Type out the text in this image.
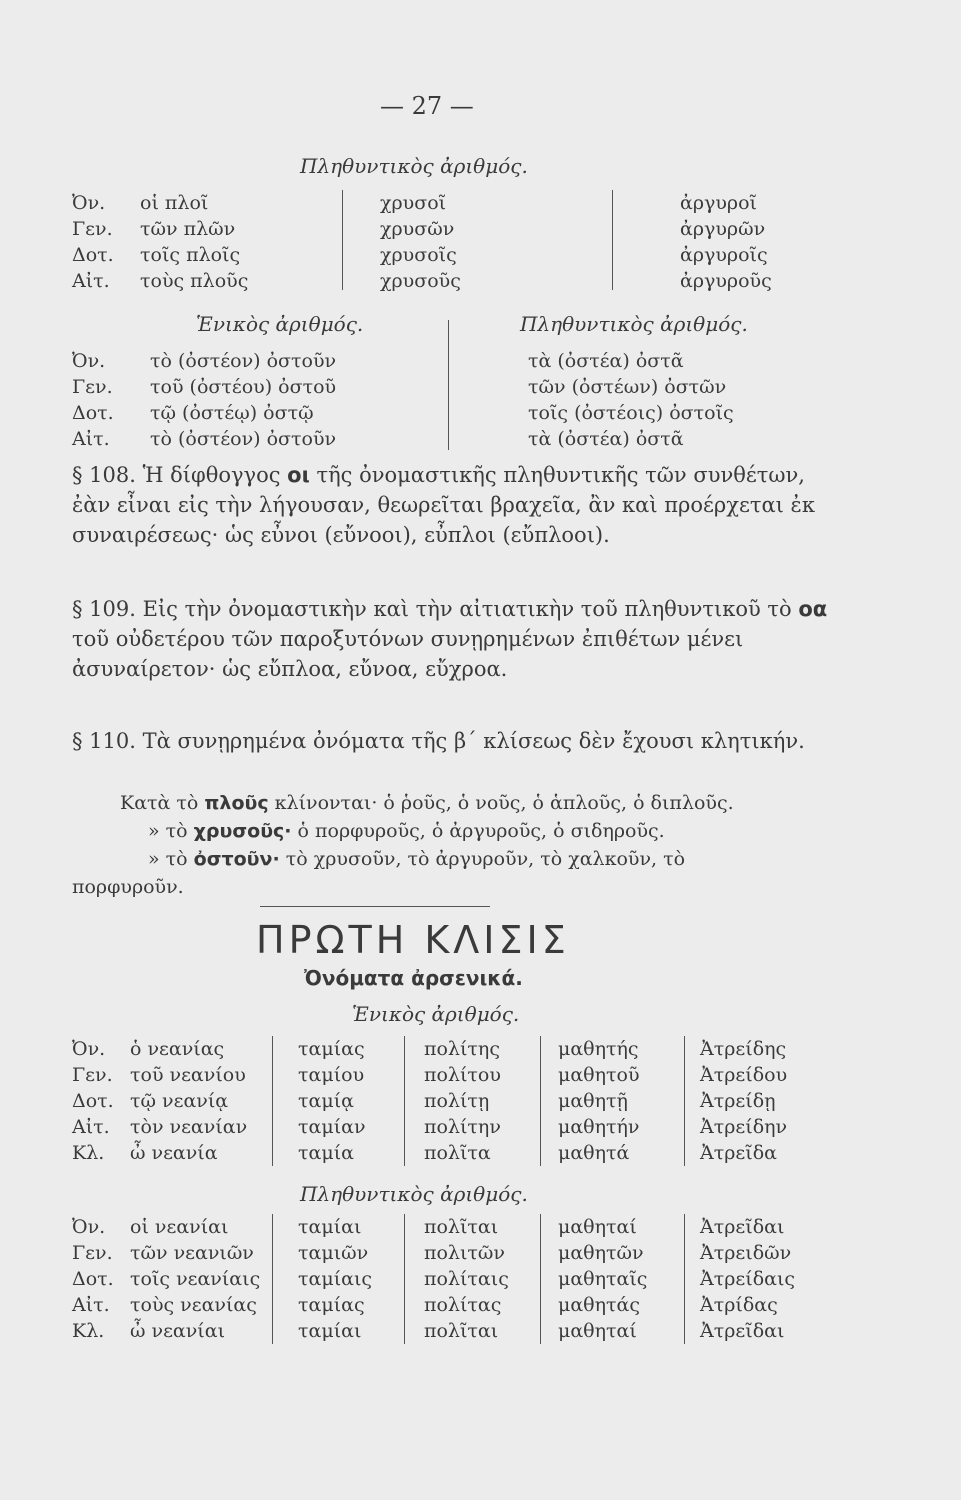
— 27 —
Πληθυντικὸς ἀριθμός.
Ὀν.
Γεν.
Δοτ.
Αἰτ.
οἱ πλοῖ
τῶν πλῶν
τοῖς πλοῖς
τοὺς πλοῦς
χρυσοῖ
χρυσῶν
χρυσοῖς
χρυσοῦς
ἀργυροῖ
ἀργυρῶν
ἀργυροῖς
ἀργυροῦς
Ἑνικὸς ἀριθμός.	Πληθυντικὸς ἀριθμός.
Ὀν.
Γεν.
Δοτ.
Αἰτ.
τὸ (ὀστέον) ὀστοῦν
τοῦ (ὀστέου) ὀστοῦ
τῷ (ὀστέῳ) ὀστῷ
τὸ (ὀστέον) ὀστοῦν
τὰ (ὀστέα) ὀστᾶ
τῶν (ὀστέων) ὀστῶν
τοῖς (ὀστέοις) ὀστοῖς
τὰ (ὀστέα) ὀστᾶ
§ 108. Ἡ δίφθογγος οι τῆς ὀνομαστικῆς πληθυντικῆς τῶν συνθέτων, ἐὰν εἶναι εἰς τὴν λήγουσαν, θεωρεῖται βραχεῖα, ἂν καὶ προέρχεται ἐκ συναιρέσεως· ὡς εὖνοι (εὔνοοι), εὖπλοι (εὔπλοοι).
§ 109. Εἰς τὴν ὀνομαστικὴν καὶ τὴν αἰτιατικὴν τοῦ πληθυντικοῦ τὸ οα τοῦ οὐδετέρου τῶν παροξυτόνων συνῃρημένων ἐπιθέτων μένει ἀσυναίρετον· ὡς εὔπλοα, εὔνοα, εὔχροα.
§ 110. Τὰ συνῃρημένα ὀνόματα τῆς β΄ κλίσεως δὲν ἔχουσι κλητικήν.
Κατὰ τὸ πλοῦς κλίνονται· ὁ ῥοῦς, ὁ νοῦς, ὁ ἁπλοῦς, ὁ διπλοῦς.
» τὸ χρυσοῦς· ὁ πορφυροῦς, ὁ ἀργυροῦς, ὁ σιδηροῦς.
» τὸ ὀστοῦν· τὸ χρυσοῦν, τὸ ἀργυροῦν, τὸ χαλκοῦν, τὸ
πορφυροῦν.
ΠΡΩΤΗ ΚΛΙΣΙΣ
Ὀνόματα ἀρσενικά.
Ἑνικὸς ἀριθμός.
Ὀν.
Γεν.
Δοτ.
Αἰτ.
Κλ.
ὁ νεανίας
τοῦ νεανίου
τῷ νεανίᾳ
τὸν νεανίαν
ὦ νεανία
ταμίας
ταμίου
ταμίᾳ
ταμίαν
ταμία
πολίτης
πολίτου
πολίτῃ
πολίτην
πολῖτα
μαθητής
μαθητοῦ
μαθητῇ
μαθητήν
μαθητά
Ἀτρείδης
Ἀτρείδου
Ἀτρείδῃ
Ἀτρείδην
Ἀτρεῖδα
Πληθυντικὸς ἀριθμός.
Ὀν.
Γεν.
Δοτ.
Αἰτ.
Κλ.
οἱ νεανίαι
τῶν νεανιῶν
τοῖς νεανίαις
τοὺς νεανίας
ὦ νεανίαι
ταμίαι
ταμιῶν
ταμίαις
ταμίας
ταμίαι
πολῖται
πολιτῶν
πολίταις
πολίτας
πολῖται
μαθηταί
μαθητῶν
μαθηταῖς
μαθητάς
μαθηταί
Ἀτρεῖδαι
Ἀτρειδῶν
Ἀτρείδαις
Ἀτρίδας
Ἀτρεῖδαι
